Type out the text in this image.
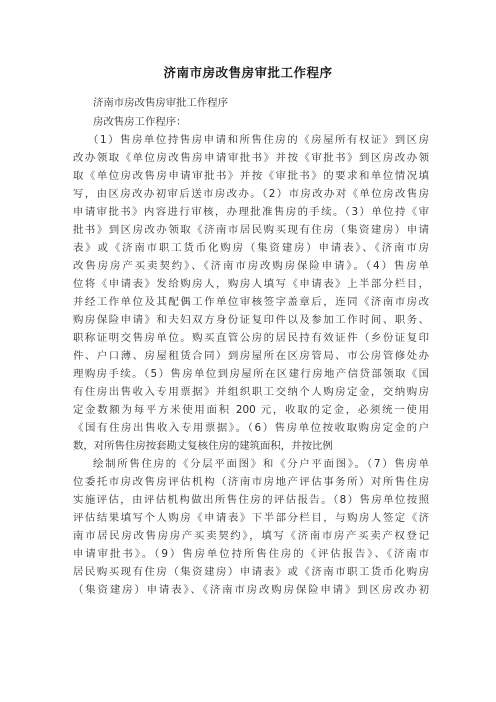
济南市房改售房审批工作程序
济南市房改售房审批工作程序
房改售房工作程序：
（1）售房单位持售房申请和所售住房的《房屋所有权证》到区房
改办领取《单位房改售房申请审批书》并按《审批书》到区房改办领
取《单位房改售房申请审批书》并按《审批书》的要求和单位情况填
写，由区房改办初审后送市房改办。（2）市房改办对《单位房改售房
申请审批书》内容进行审核，办理批准售房的手续。（3）单位持《审
批书》到区房改办领取《济南市居民购买现有住房（集资建房）申请
表》或《济南市职工货币化购房（集资建房）申请表》、《济南市房
改售房房产买卖契约》、《济南市房改购房保险申请》。（4）售房单
位将《申请表》发给购房人，购房人填写《申请表》上半部分栏目，
并经工作单位及其配偶工作单位审核签字盖章后，连同《济南市房改
购房保险申请》和夫妇双方身份证复印件以及参加工作时间、职务、
职称证明交售房单位。购买直管公房的居民持有效证件（乡份证复印
件、户口薄、房屋租赁合同）到房屋所在区房管局、市公房管修处办
理购房手续。（5）售房单位到房屋所在区建行房地产信贷部领取《国
有住房出售收入专用票据》并组织职工交纳个人购房定金，交纳购房
定金数额为每平方米使用面积 200 元，收取的定金，必须统一使用
《国有住房出售收入专用票据》。（6）售房单位按收取购房定金的户
数，对所售住房按套勘丈复核住房的建筑面积，并按比例
绘制所售住房的《分层平面图》和《分户平面图》。（7）售房单
位委托市房改售房评估机构（济南市房地产评估事务所）对所售住房
实施评估，由评估机构做出所售住房的评估报告。（8）售房单位按照
评估结果填写个人购房《申请表》下半部分栏目，与购房人签定《济
南市居民房改售房房产买卖契约》，填写《济南市房产买卖产权登记
申请审批书》。（9）售房单位持所售住房的《评估报告》、《济南市
居民购买现有住房（集资建房）申请表》或《济南市职工货币化购房
（集资建房）申请表》、《济南市房改购房保险申请》到区房改办初
